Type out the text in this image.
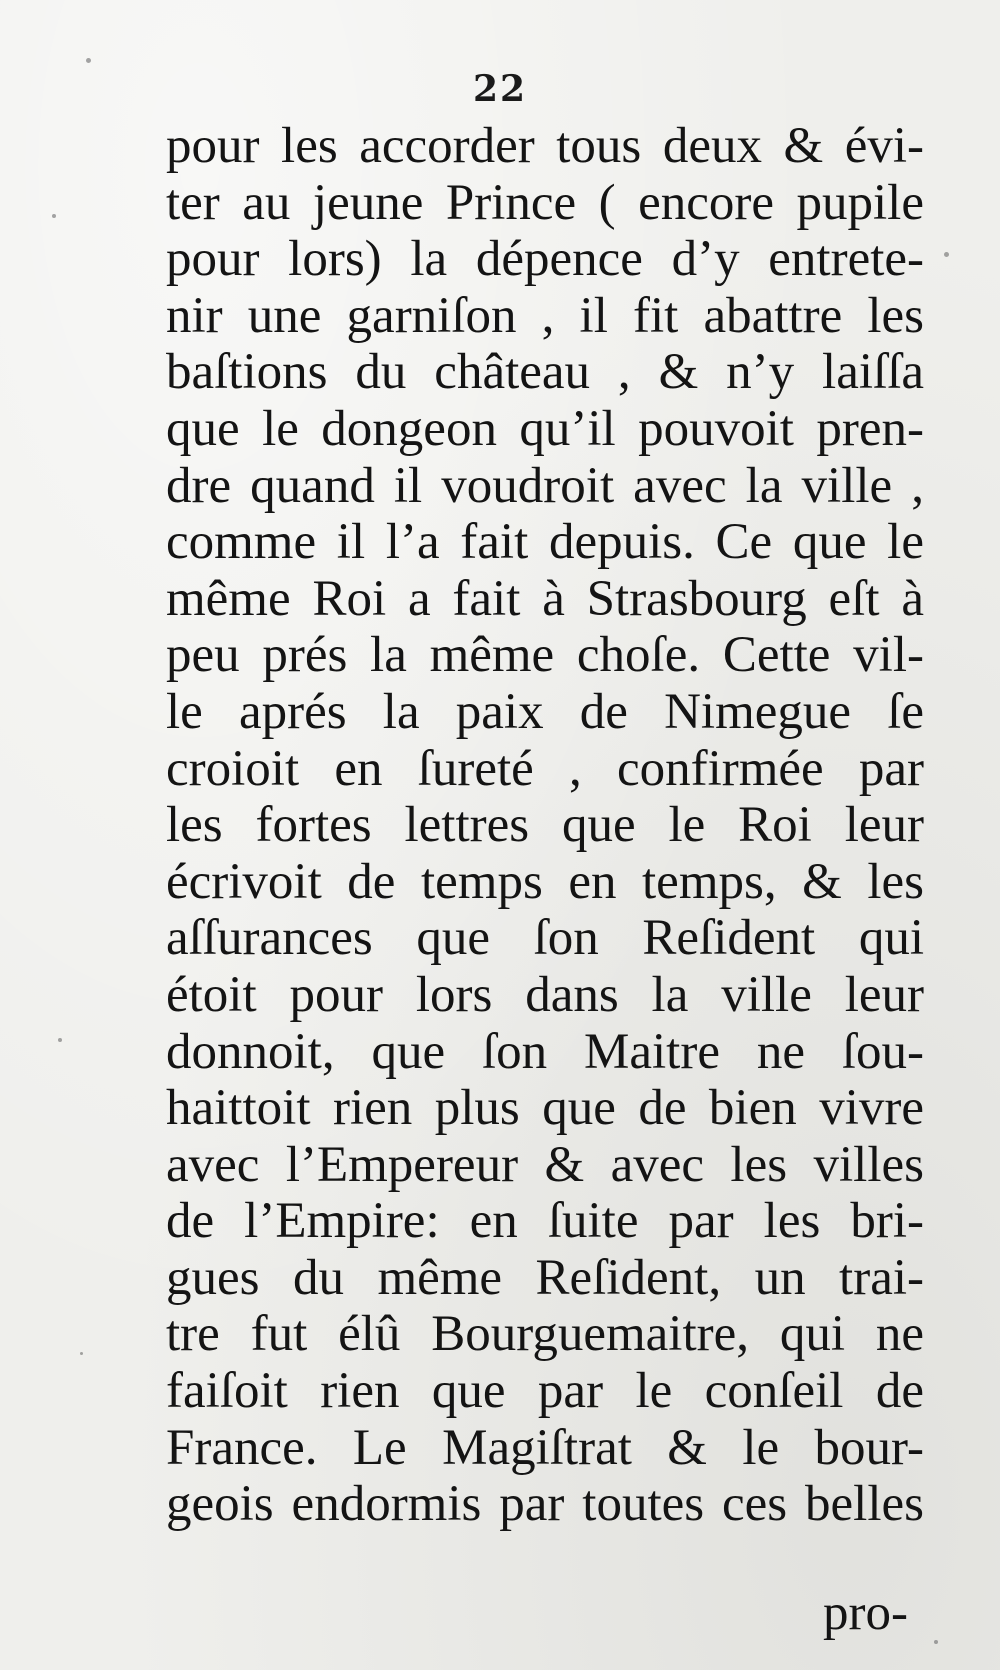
22
pour les accorder tous deux & évi-
ter au jeune Prince ( encore pupile
pour lors) la dépence d’y entrete-
nir une garniſon , il fit abattre les
baſtions du château , & n’y laiſſa
que le dongeon qu’il pouvoit pren-
dre quand il voudroit avec la ville ,
comme il l’a fait depuis. Ce que le
même Roi a fait à Strasbourg eſt à
peu prés la même choſe. Cette vil-
le aprés la paix de Nimegue ſe
croioit en ſureté , confirmée par
les fortes lettres que le Roi leur
écrivoit de temps en temps, & les
aſſurances que ſon Reſident qui
étoit pour lors dans la ville leur
donnoit, que ſon Maitre ne ſou-
haittoit rien plus que de bien vivre
avec l’Empereur & avec les villes
de l’Empire: en ſuite par les bri-
gues du même Reſident, un trai-
tre fut élû Bourguemaitre, qui ne
faiſoit rien que par le conſeil de
France. Le Magiſtrat & le bour-
geois endormis par toutes ces belles
pro-
